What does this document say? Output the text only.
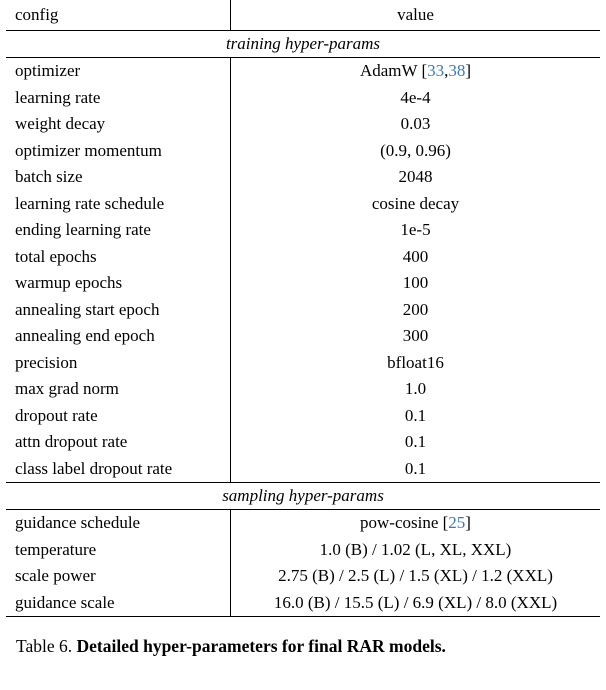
config	value
training hyper-params
optimizer	AdamW [ 33 , 38 ]
learning rate	4e-4
weight decay	0.03
optimizer momentum	(0.9, 0.96)
batch size	2048
learning rate schedule	cosine decay
ending learning rate	1e-5
total epochs	400
warmup epochs	100
annealing start epoch	200
annealing end epoch	300
precision	bfloat16
max grad norm	1.0
dropout rate	0.1
attn dropout rate	0.1
class label dropout rate	0.1
sampling hyper-params
guidance schedule	pow-cosine [ 25 ]
temperature	1.0 (B) / 1.02 (L, XL, XXL)
scale power	2.75 (B) / 2.5 (L) / 1.5 (XL) / 1.2 (XXL)
guidance scale	16.0 (B) / 15.5 (L) / 6.9 (XL) / 8.0 (XXL)
Table 6. Detailed hyper-parameters for final RAR models.
